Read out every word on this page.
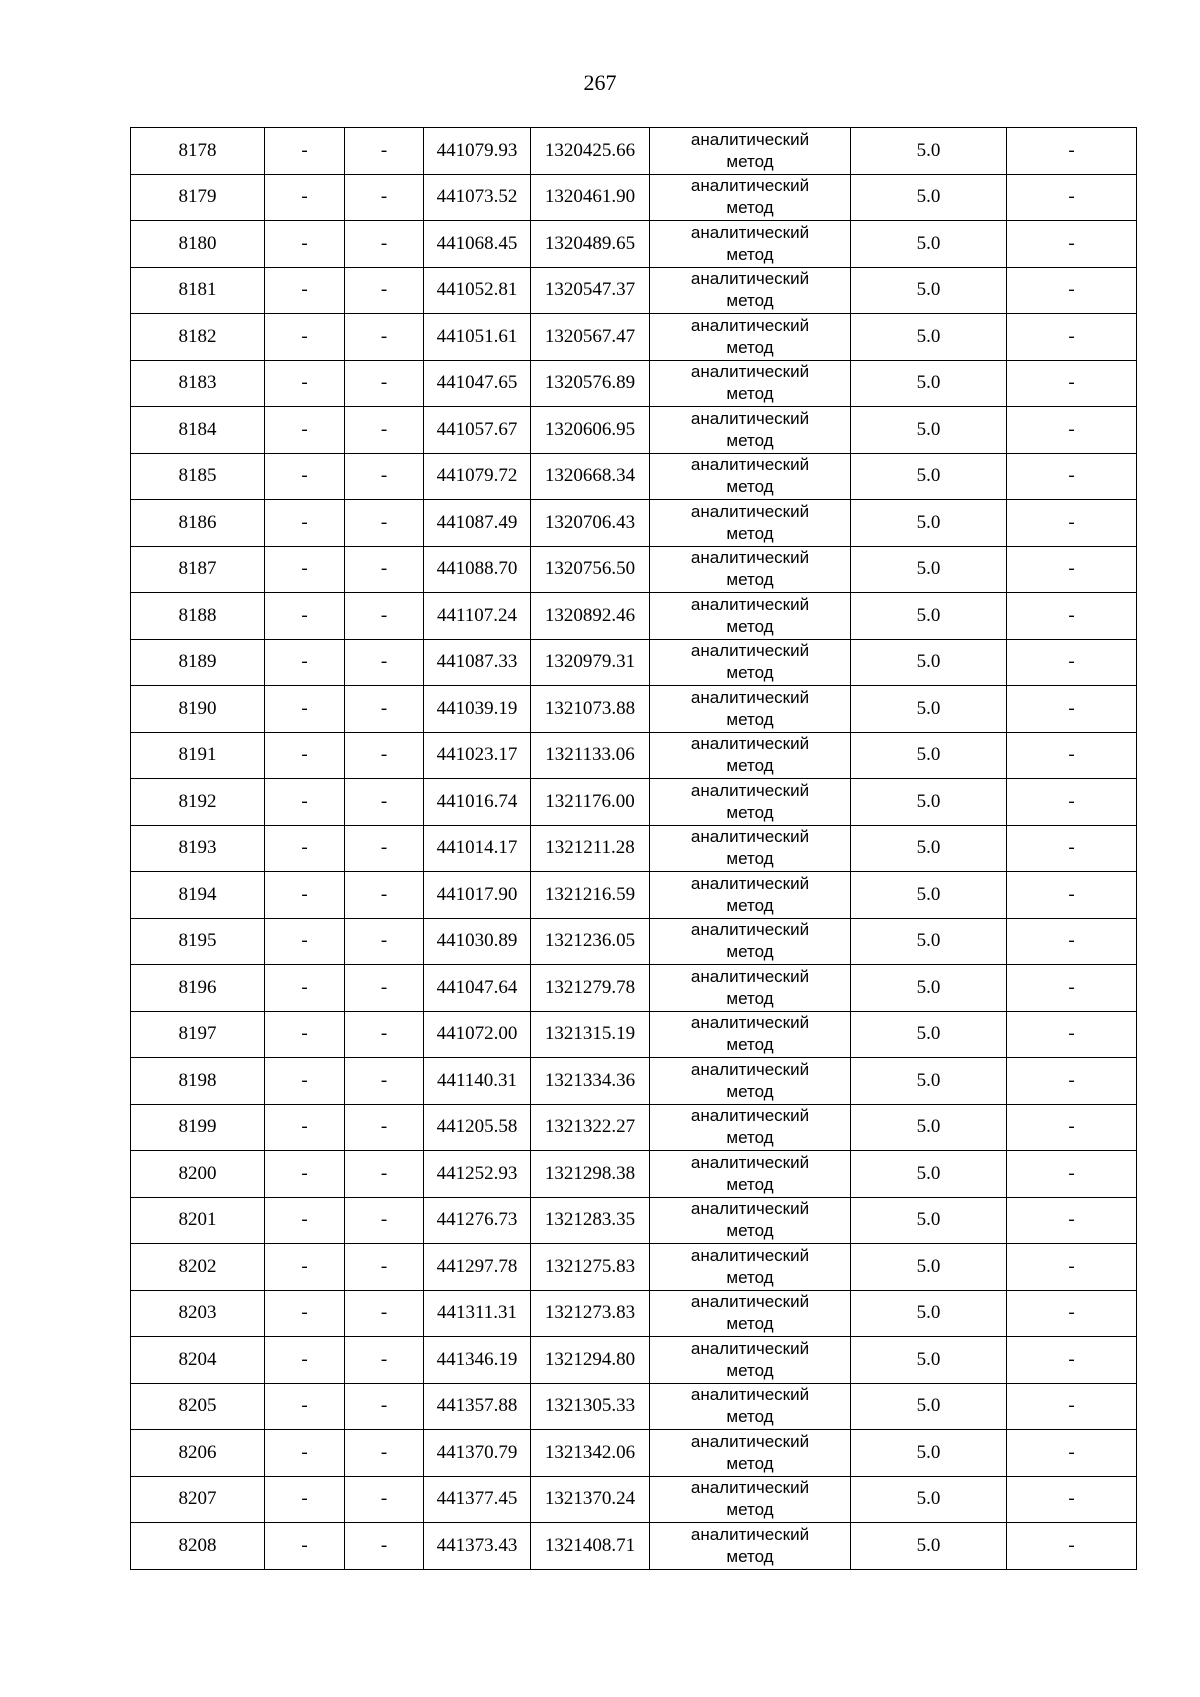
267
8178	-	-	441079.93	1320425.66	аналитический
метод	5.0	-
8179	-	-	441073.52	1320461.90	аналитический
метод	5.0	-
8180	-	-	441068.45	1320489.65	аналитический
метод	5.0	-
8181	-	-	441052.81	1320547.37	аналитический
метод	5.0	-
8182	-	-	441051.61	1320567.47	аналитический
метод	5.0	-
8183	-	-	441047.65	1320576.89	аналитический
метод	5.0	-
8184	-	-	441057.67	1320606.95	аналитический
метод	5.0	-
8185	-	-	441079.72	1320668.34	аналитический
метод	5.0	-
8186	-	-	441087.49	1320706.43	аналитический
метод	5.0	-
8187	-	-	441088.70	1320756.50	аналитический
метод	5.0	-
8188	-	-	441107.24	1320892.46	аналитический
метод	5.0	-
8189	-	-	441087.33	1320979.31	аналитический
метод	5.0	-
8190	-	-	441039.19	1321073.88	аналитический
метод	5.0	-
8191	-	-	441023.17	1321133.06	аналитический
метод	5.0	-
8192	-	-	441016.74	1321176.00	аналитический
метод	5.0	-
8193	-	-	441014.17	1321211.28	аналитический
метод	5.0	-
8194	-	-	441017.90	1321216.59	аналитический
метод	5.0	-
8195	-	-	441030.89	1321236.05	аналитический
метод	5.0	-
8196	-	-	441047.64	1321279.78	аналитический
метод	5.0	-
8197	-	-	441072.00	1321315.19	аналитический
метод	5.0	-
8198	-	-	441140.31	1321334.36	аналитический
метод	5.0	-
8199	-	-	441205.58	1321322.27	аналитический
метод	5.0	-
8200	-	-	441252.93	1321298.38	аналитический
метод	5.0	-
8201	-	-	441276.73	1321283.35	аналитический
метод	5.0	-
8202	-	-	441297.78	1321275.83	аналитический
метод	5.0	-
8203	-	-	441311.31	1321273.83	аналитический
метод	5.0	-
8204	-	-	441346.19	1321294.80	аналитический
метод	5.0	-
8205	-	-	441357.88	1321305.33	аналитический
метод	5.0	-
8206	-	-	441370.79	1321342.06	аналитический
метод	5.0	-
8207	-	-	441377.45	1321370.24	аналитический
метод	5.0	-
8208	-	-	441373.43	1321408.71	аналитический
метод	5.0	-
